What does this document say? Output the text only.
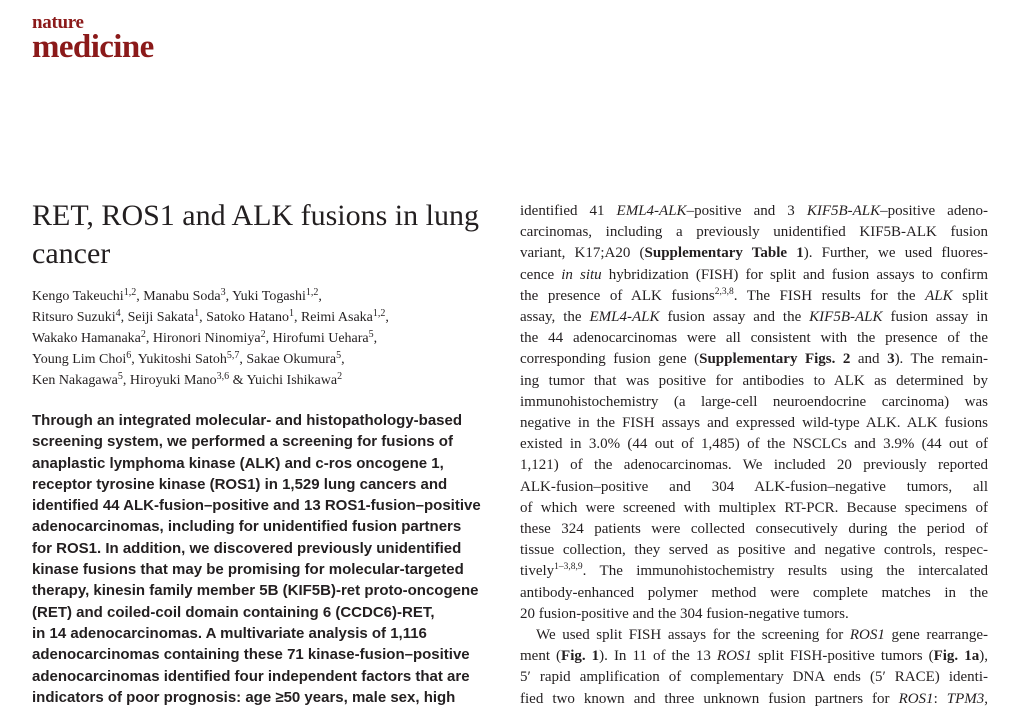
nature
medicine
RET, ROS1 and ALK fusions in lung cancer
Kengo Takeuchi$^{1,2}$, Manabu Soda$^3$, Yuki Togashi$^{1,2}$,
Ritsuro Suzuki$^4$, Seiji Sakata$^1$, Satoko Hatano$^1$, Reimi Asaka$^{1,2}$,
Wakako Hamanaka$^2$, Hironori Ninomiya$^2$, Hirofumi Uehara$^5$,
Young Lim Choi$^6$, Yukitoshi Satoh$^{5,7}$, Sakae Okumura$^5$,
Ken Nakagawa$^5$, Hiroyuki Mano$^{3,6}$ & Yuichi Ishikawa$^2$
Through an integrated molecular- and histopathology-based
screening system, we performed a screening for fusions of
anaplastic lymphoma kinase (ALK) and c-ros oncogene 1,
receptor tyrosine kinase (ROS1) in 1,529 lung cancers and
identified 44 ALK-fusion–positive and 13 ROS1-fusion–positive
adenocarcinomas, including for unidentified fusion partners
for ROS1. In addition, we discovered previously unidentified
kinase fusions that may be promising for molecular-targeted
therapy, kinesin family member 5B (KIF5B)-ret proto-oncogene
(RET) and coiled-coil domain containing 6 (CCDC6)-RET,
in 14 adenocarcinomas. A multivariate analysis of 1,116
adenocarcinomas containing these 71 kinase-fusion–positive
adenocarcinomas identified four independent factors that are
indicators of poor prognosis: age ≥50 years, male sex, high
identified 41 EML4-ALK–positive and 3 KIF5B-ALK–positive adeno-
carcinomas, including a previously unidentified KIF5B-ALK fusion
variant, K17;A20 (Supplementary Table 1). Further, we used fluores-
cence in situ hybridization (FISH) for split and fusion assays to confirm
the presence of ALK fusions$^{2,3,8}$. The FISH results for the ALK split
assay, the EML4-ALK fusion assay and the KIF5B-ALK fusion assay in
the 44 adenocarcinomas were all consistent with the presence of the
corresponding fusion gene (Supplementary Figs. 2 and 3). The remain-
ing tumor that was positive for antibodies to ALK as determined by
immunohistochemistry (a large-cell neuroendocrine carcinoma) was
negative in the FISH assays and expressed wild-type ALK. ALK fusions
existed in 3.0% (44 out of 1,485) of the NSCLCs and 3.9% (44 out of
1,121) of the adenocarcinomas. We included 20 previously reported
ALK-fusion–positive and 304 ALK-fusion–negative tumors, all
of which were screened with multiplex RT-PCR. Because specimens of
these 324 patients were collected consecutively during the period of
tissue collection, they served as positive and negative controls, respec-
tively$^{1-3,8,9}$. The immunohistochemistry results using the intercalated
antibody-enhanced polymer method were complete matches in the
20 fusion-positive and the 304 fusion-negative tumors.
We used split FISH assays for the screening for ROS1 gene rearrange-
ment (Fig. 1). In 11 of the 13 ROS1 split FISH-positive tumors (Fig. 1a),
5′ rapid amplification of complementary DNA ends (5′ RACE) identi-
fied two known and three unknown fusion partners for ROS1: TPM3,
